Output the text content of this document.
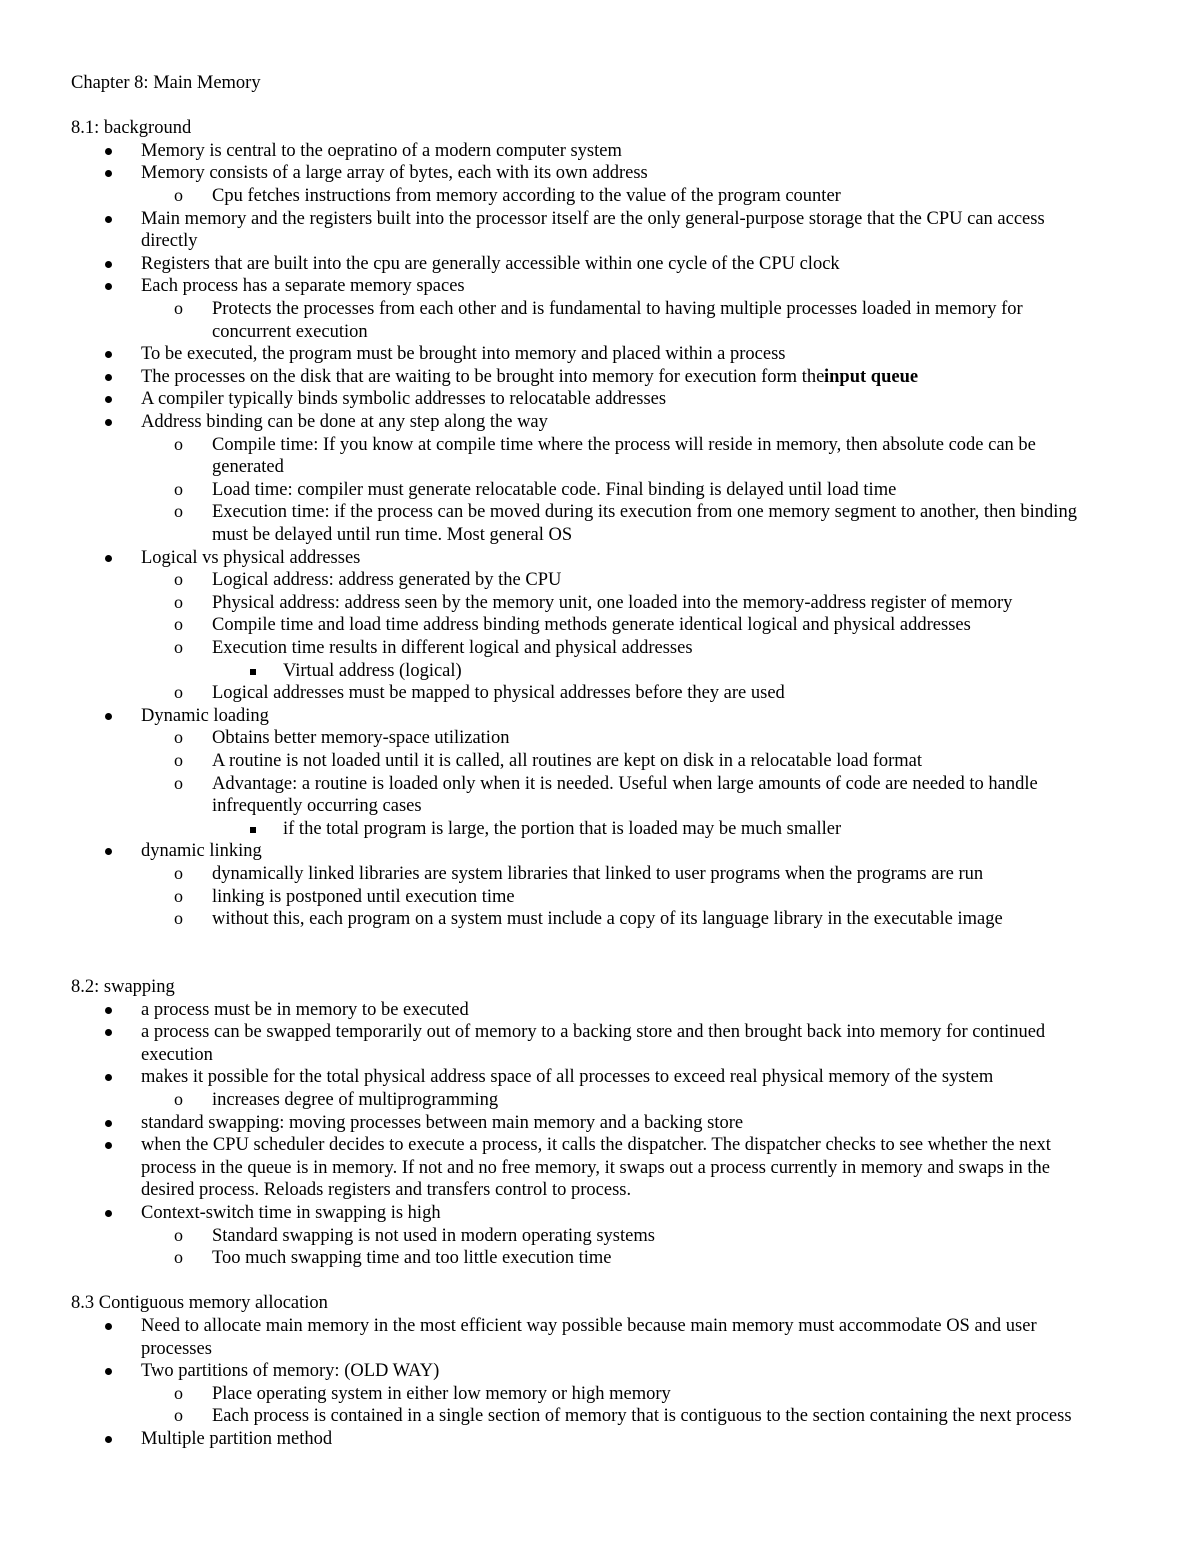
Chapter 8: Main Memory
8.1: background
Memory is central to the oepratino of a modern computer system
Memory consists of a large array of bytes, each with its own address
o Cpu fetches instructions from memory according to the value of the program counter
Main memory and the registers built into the processor itself are the only general-purpose storage that the CPU can access
directly
Registers that are built into the cpu are generally accessible within one cycle of the CPU clock
Each process has a separate memory spaces
o Protects the processes from each other and is fundamental to having multiple processes loaded in memory for
concurrent execution
To be executed, the program must be brought into memory and placed within a process
The processes on the disk that are waiting to be brought into memory for execution form the input queue
A compiler typically binds symbolic addresses to relocatable addresses
Address binding can be done at any step along the way
o Compile time: If you know at compile time where the process will reside in memory, then absolute code can be
generated
o Load time: compiler must generate relocatable code. Final binding is delayed until load time
o Execution time: if the process can be moved during its execution from one memory segment to another, then binding
must be delayed until run time. Most general OS
Logical vs physical addresses
o Logical address: address generated by the CPU
o Physical address: address seen by the memory unit, one loaded into the memory-address register of memory
o Compile time and load time address binding methods generate identical logical and physical addresses
o Execution time results in different logical and physical addresses
Virtual address (logical)
o Logical addresses must be mapped to physical addresses before they are used
Dynamic loading
o Obtains better memory-space utilization
o A routine is not loaded until it is called, all routines are kept on disk in a relocatable load format
o Advantage: a routine is loaded only when it is needed. Useful when large amounts of code are needed to handle
infrequently occurring cases
if the total program is large, the portion that is loaded may be much smaller
dynamic linking
o dynamically linked libraries are system libraries that linked to user programs when the programs are run
o linking is postponed until execution time
o without this, each program on a system must include a copy of its language library in the executable image
8.2: swapping
a process must be in memory to be executed
a process can be swapped temporarily out of memory to a backing store and then brought back into memory for continued
execution
makes it possible for the total physical address space of all processes to exceed real physical memory of the system
o increases degree of multiprogramming
standard swapping: moving processes between main memory and a backing store
when the CPU scheduler decides to execute a process, it calls the dispatcher. The dispatcher checks to see whether the next
process in the queue is in memory. If not and no free memory, it swaps out a process currently in memory and swaps in the
desired process. Reloads registers and transfers control to process.
Context-switch time in swapping is high
o Standard swapping is not used in modern operating systems
o Too much swapping time and too little execution time
8.3 Contiguous memory allocation
Need to allocate main memory in the most efficient way possible because main memory must accommodate OS and user
processes
Two partitions of memory: (OLD WAY)
o Place operating system in either low memory or high memory
o Each process is contained in a single section of memory that is contiguous to the section containing the next process
Multiple partition method
